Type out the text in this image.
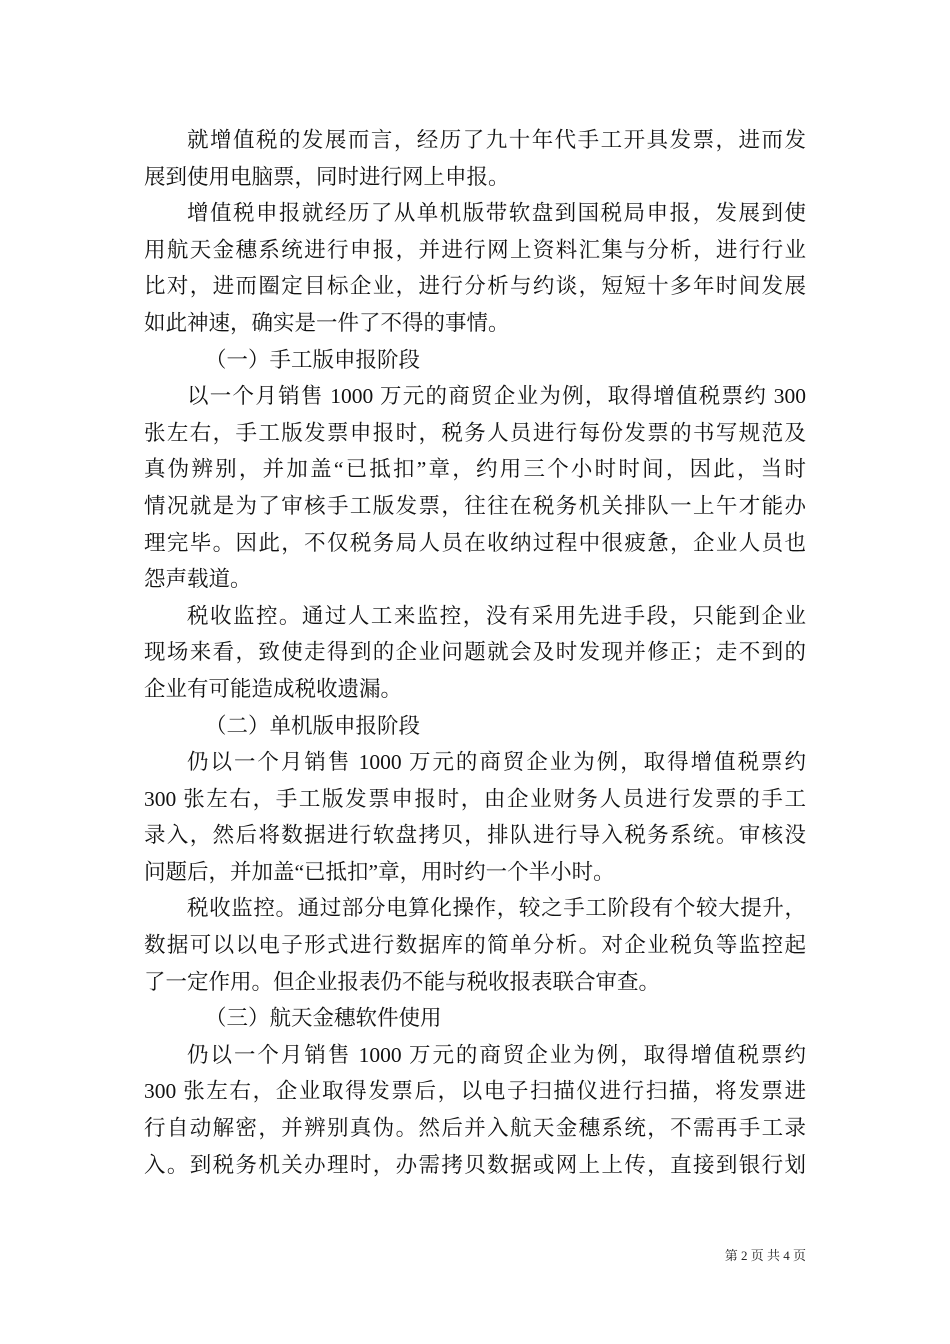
就增值税的发展而言，经历了九十年代手工开具发票，进而发
展到使用电脑票，同时进行网上申报。
增值税申报就经历了从单机版带软盘到国税局申报，发展到使
用航天金穗系统进行申报，并进行网上资料汇集与分析，进行行业
比对，进而圈定目标企业，进行分析与约谈，短短十多年时间发展
如此神速，确实是一件了不得的事情。
（一）手工版申报阶段
以一个月销售 1000 万元的商贸企业为例，取得增值税票约 300
张左右，手工版发票申报时，税务人员进行每份发票的书写规范及
真伪辨别，并加盖“已抵扣”章，约用三个小时时间，因此，当时
情况就是为了审核手工版发票，往往在税务机关排队一上午才能办
理完毕。因此，不仅税务局人员在收纳过程中很疲惫，企业人员也
怨声载道。
税收监控。通过人工来监控，没有采用先进手段，只能到企业
现场来看，致使走得到的企业问题就会及时发现并修正；走不到的
企业有可能造成税收遗漏。
（二）单机版申报阶段
仍以一个月销售 1000 万元的商贸企业为例，取得增值税票约
300 张左右，手工版发票申报时，由企业财务人员进行发票的手工
录入，然后将数据进行软盘拷贝，排队进行导入税务系统。审核没
问题后，并加盖“已抵扣”章，用时约一个半小时。
税收监控。通过部分电算化操作，较之手工阶段有个较大提升，
数据可以以电子形式进行数据库的简单分析。对企业税负等监控起
了一定作用。但企业报表仍不能与税收报表联合审查。
（三）航天金穗软件使用
仍以一个月销售 1000 万元的商贸企业为例，取得增值税票约
300 张左右，企业取得发票后，以电子扫描仪进行扫描，将发票进
行自动解密，并辨别真伪。然后并入航天金穗系统，不需再手工录
入。到税务机关办理时，办需拷贝数据或网上上传，直接到银行划
第 2 页 共 4 页
